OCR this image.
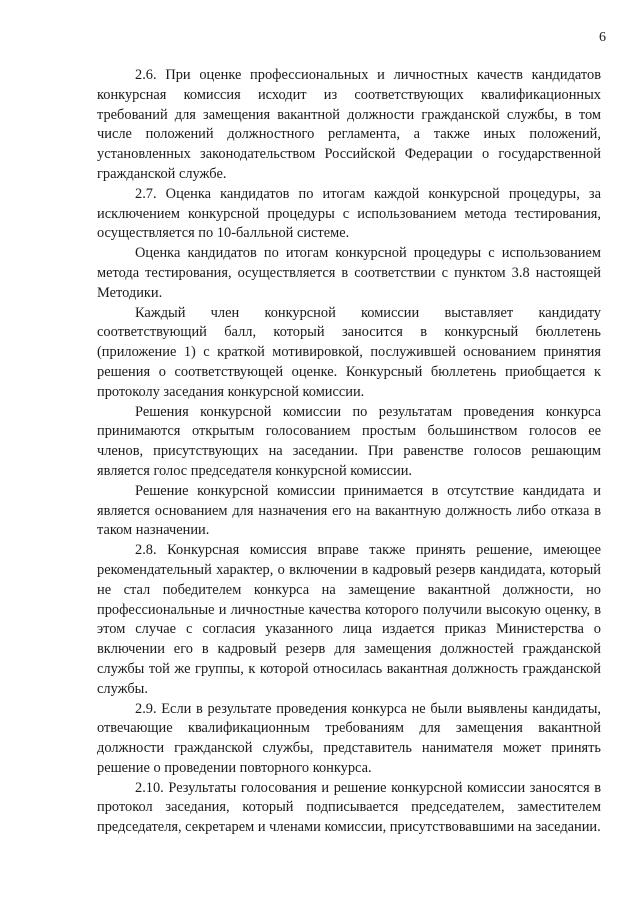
6

2.6. При оценке профессиональных и личностных качеств кандидатов конкурсная комиссия исходит из соответствующих квалификационных требований для замещения вакантной должности гражданской службы, в том числе положений должностного регламента, а также иных положений, установленных законодательством Российской Федерации о государственной гражданской службе.

2.7. Оценка кандидатов по итогам каждой конкурсной процедуры, за исключением конкурсной процедуры с использованием метода тестирования, осуществляется по 10-балльной системе.

Оценка кандидатов по итогам конкурсной процедуры с использованием метода тестирования, осуществляется в соответствии с пунктом 3.8 настоящей Методики.

Каждый член конкурсной комиссии выставляет кандидату соответствующий балл, который заносится в конкурсный бюллетень (приложение 1) с краткой мотивировкой, послужившей основанием принятия решения о соответствующей оценке. Конкурсный бюллетень приобщается к протоколу заседания конкурсной комиссии.

Решения конкурсной комиссии по результатам проведения конкурса принимаются открытым голосованием простым большинством голосов ее членов, присутствующих на заседании. При равенстве голосов решающим является голос председателя конкурсной комиссии.

Решение конкурсной комиссии принимается в отсутствие кандидата и является основанием для назначения его на вакантную должность либо отказа в таком назначении.

2.8. Конкурсная комиссия вправе также принять решение, имеющее рекомендательный характер, о включении в кадровый резерв кандидата, который не стал победителем конкурса на замещение вакантной должности, но профессиональные и личностные качества которого получили высокую оценку, в этом случае с согласия указанного лица издается приказ Министерства о включении его в кадровый резерв для замещения должностей гражданской службы той же группы, к которой относилась вакантная должность гражданской службы.

2.9. Если в результате проведения конкурса не были выявлены кандидаты, отвечающие квалификационным требованиям для замещения вакантной должности гражданской службы, представитель нанимателя может принять решение о проведении повторного конкурса.

2.10. Результаты голосования и решение конкурсной комиссии заносятся в протокол заседания, который подписывается председателем, заместителем председателя, секретарем и членами комиссии, присутствовавшими на заседании.
